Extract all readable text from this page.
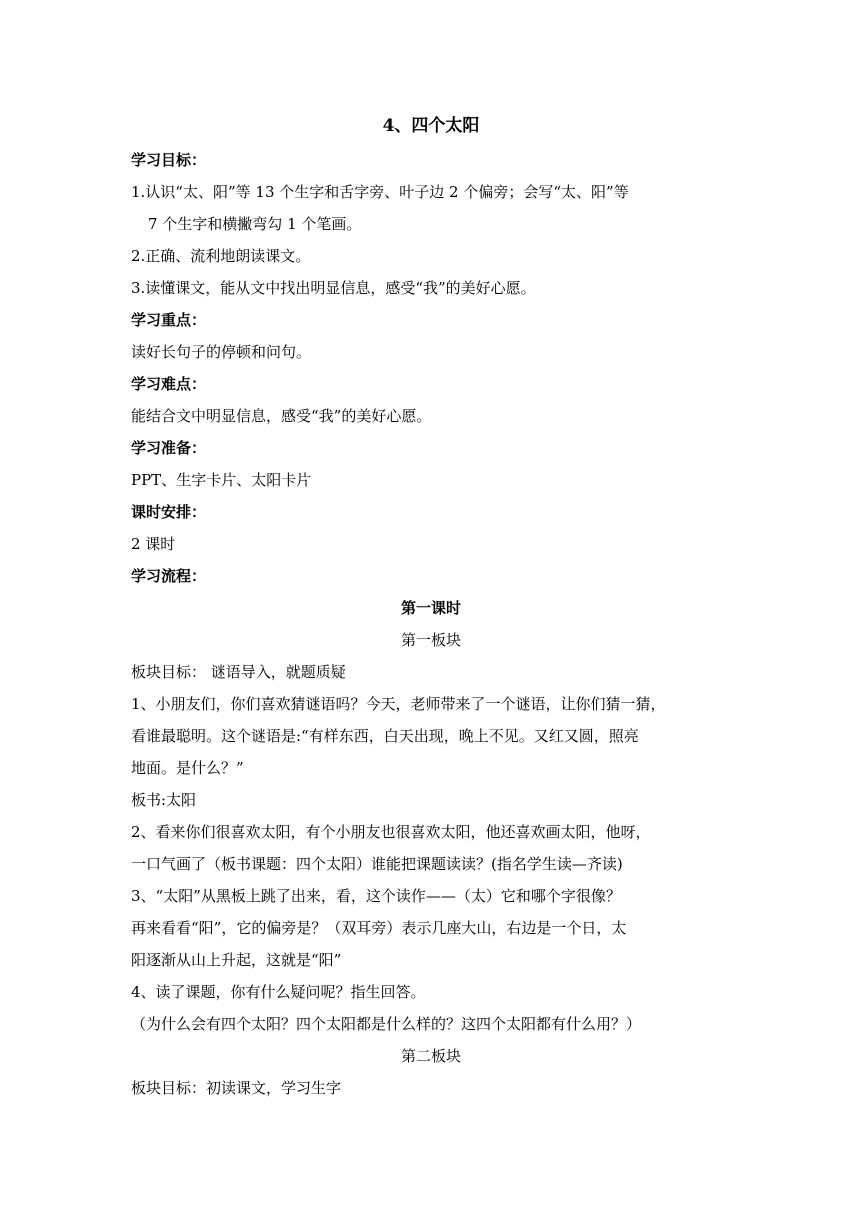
4、四个太阳
学习目标：
1.认识“太、阳”等 13 个生字和舌字旁、叶子边 2 个偏旁；会写“太、阳”等
7 个生字和横撇弯勾 1 个笔画。
2.正确、流利地朗读课文。
3.读懂课文，能从文中找出明显信息，感受“我”的美好心愿。
学习重点：
读好长句子的停顿和问句。
学习难点：
能结合文中明显信息，感受“我”的美好心愿。
学习准备：
PPT、生字卡片、太阳卡片
课时安排：
2 课时
学习流程：
第一课时
第一板块
板块目标： 谜语导入，就题质疑
1、小朋友们，你们喜欢猜谜语吗？今天，老师带来了一个谜语，让你们猜一猜，
看谁最聪明。这个谜语是:“有样东西，白天出现，晚上不见。又红又圆，照亮
地面。是什么？”
板书:太阳
2、看来你们很喜欢太阳，有个小朋友也很喜欢太阳，他还喜欢画太阳，他呀，
一口气画了（板书课题：四个太阳）谁能把课题读读？(指名学生读—齐读)
3、“太阳”从黑板上跳了出来，看，这个读作——（太）它和哪个字很像？
再来看看“阳”，它的偏旁是？（双耳旁）表示几座大山，右边是一个日，太
阳逐渐从山上升起，这就是“阳”
4、读了课题，你有什么疑问呢？指生回答。
（为什么会有四个太阳？四个太阳都是什么样的？这四个太阳都有什么用？）
第二板块
板块目标：初读课文，学习生字
